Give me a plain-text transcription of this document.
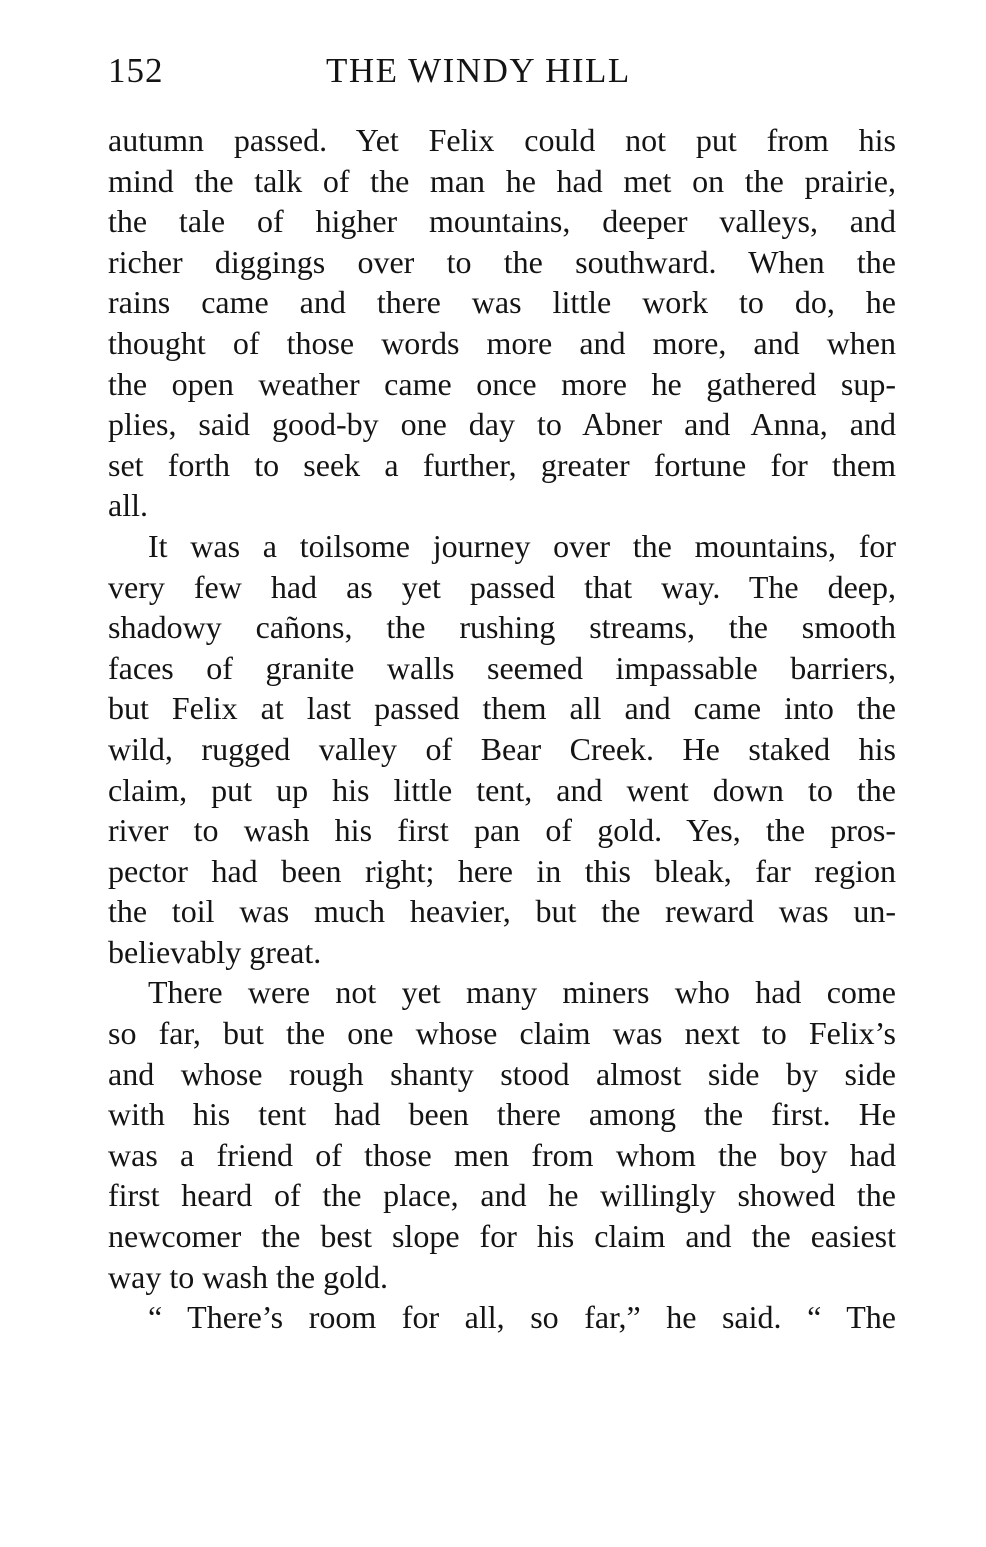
152	THE WINDY HILL
autumn passed. Yet Felix could not put from his
mind the talk of the man he had met on the prairie,
the tale of higher mountains, deeper valleys, and
richer diggings over to the southward. When the
rains came and there was little work to do, he
thought of those words more and more, and when
the open weather came once more he gathered sup-
plies, said good-by one day to Abner and Anna, and
set forth to seek a further, greater fortune for them
all.
It was a toilsome journey over the mountains, for
very few had as yet passed that way. The deep,
shadowy cañons, the rushing streams, the smooth
faces of granite walls seemed impassable barriers,
but Felix at last passed them all and came into the
wild, rugged valley of Bear Creek. He staked his
claim, put up his little tent, and went down to the
river to wash his first pan of gold. Yes, the pros-
pector had been right; here in this bleak, far region
the toil was much heavier, but the reward was un-
believably great.
There were not yet many miners who had come
so far, but the one whose claim was next to Felix’s
and whose rough shanty stood almost side by side
with his tent had been there among the first. He
was a friend of those men from whom the boy had
first heard of the place, and he willingly showed the
newcomer the best slope for his claim and the easiest
way to wash the gold.
“ There’s room for all, so far,” he said. “ The
